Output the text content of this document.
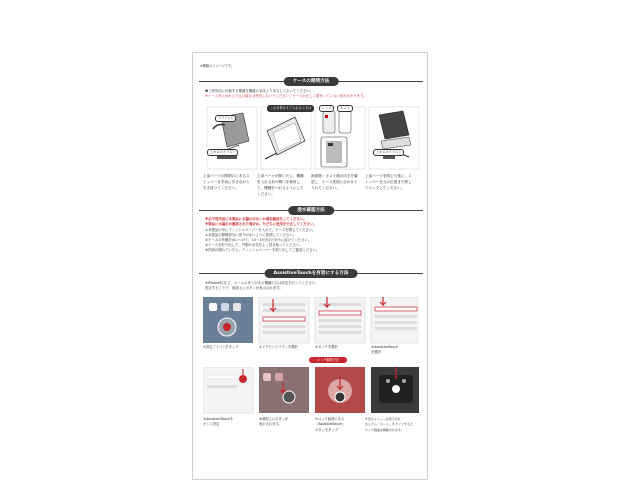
※機種のイメージです。
ケースの開閉方法
❶ご使用前に付属する機器を機器の本体より本当しておいてください。
※ケース内に水が入り込む場合は使用しないでください。ケースが正しく閉まっていない恐れがあります。
スライド↑
これを押さえて入れるときは
上からのイラスト
レンズ	カメラ
上からのイラスト
上部パーツの開閉口にあるストッパーを手前に引きながら引き抜いてください。
上部パーツが開いたら、機種を入れる前の開口を使用して、機種をいれるようにしてください。
画面側・カメラ側の向きを確認し、ケース底面に合わせて入れてください。
上部パーツを閉じた後に、ストッパーを元の位置まで押してロックしてください。
浸水確認方法
※必ず使用前に本製品に水漏れがないか事前確認をしてください。
※製品に水漏れが確認された場合は、ただちに使用を中止してください。
①本製品の中にティッシュペーパーを入れて、ケースを閉じてください。
②本製品の開閉部分に誤りがないように密閉してください。
③ケースの外側を水につけて、10〜15分ほど水中に浸けてください。
④ケースを取り出して、外側の水気をよく拭き取ってください。
⑤内部が濡れていたら、ティッシュペーパーを取り出してご確認ください。
AssistiveTouchを有効にする方法
※iPhone5Cなど、ホームボタンがある機種の方は設定を行ってください。
設定することで、画面上にボタンが表示されます。
①設定アイコンをタップ	②アクセシビリティを選択	③タッチを選択	④AssistiveTouch
を選択
ロック解除方法
⑤AssistiveTouchを
オンに設定
⑥画面上にボタンが
表示されます。
⑦ロック画面にある
「AssistiveTouch」
ボタンをタップ
⑧表示メニューが表示され
ましたら「ホーム」をタップすると
ロック画面が解除されます。
